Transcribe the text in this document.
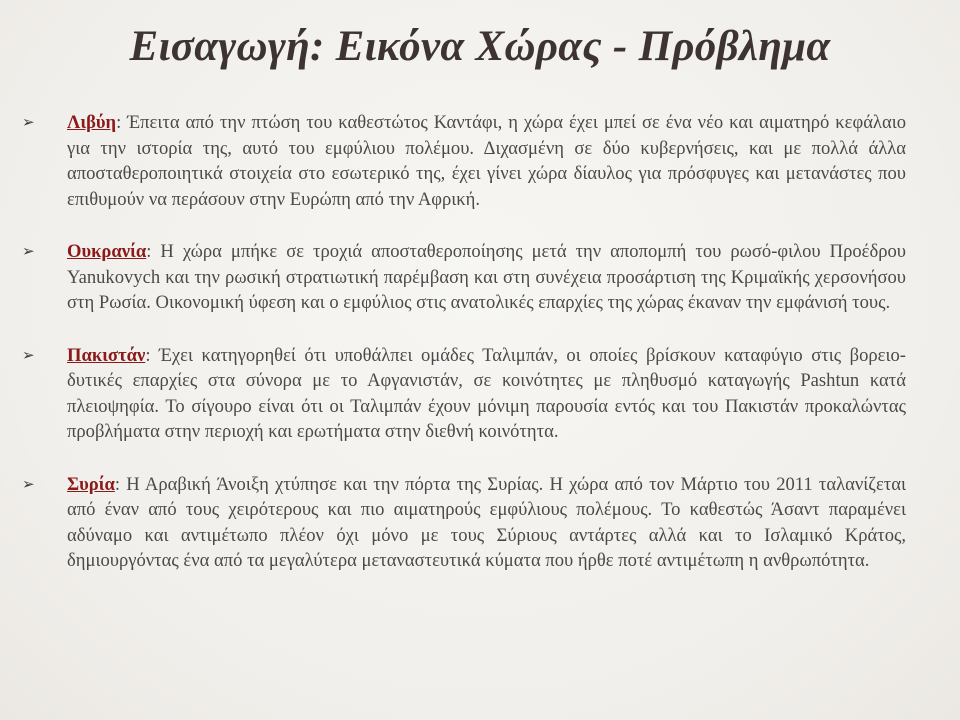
Εισαγωγή: Εικόνα Χώρας - Πρόβλημα
➢ Λιβύη: Έπειτα από την πτώση του καθεστώτος Καντάφι, η χώρα έχει μπεί σε ένα νέο και αιματηρό κεφάλαιο για την ιστορία της, αυτό του εμφύλιου πολέμου. Διχασμένη σε δύο κυβερνήσεις, και με πολλά άλλα αποσταθεροποιητικά στοιχεία στο εσωτερικό της, έχει γίνει χώρα δίαυλος για πρόσφυγες και μετανάστες που επιθυμούν να περάσουν στην Ευρώπη από την Αφρική.

➢ Ουκρανία: Η χώρα μπήκε σε τροχιά αποσταθεροποίησης μετά την αποπομπή του ρωσό-φιλου Προέδρου Yanukovych και την ρωσική στρατιωτική παρέμβαση και στη συνέχεια προσάρτιση της Κριμαϊκής χερσονήσου στη Ρωσία. Οικονομική ύφεση και ο εμφύλιος στις ανατολικές επαρχίες της χώρας έκαναν την εμφάνισή τους.

➢ Πακιστάν: Έχει κατηγορηθεί ότι υποθάλπει ομάδες Ταλιμπάν, οι οποίες βρίσκουν καταφύγιο στις βορειο-δυτικές επαρχίες στα σύνορα με το Αφγανιστάν, σε κοινότητες με πληθυσμό καταγωγής Pashtun κατά πλειοψηφία. Το σίγουρο είναι ότι οι Ταλιμπάν έχουν μόνιμη παρουσία εντός και του Πακιστάν προκαλώντας προβλήματα στην περιοχή και ερωτήματα στην διεθνή κοινότητα.

➢ Συρία: Η Αραβική Άνοιξη χτύπησε και την πόρτα της Συρίας. Η χώρα από τον Μάρτιο του 2011 ταλανίζεται από έναν από τους χειρότερους και πιο αιματηρούς εμφύλιους πολέμους. Το καθεστώς Άσαντ παραμένει αδύναμο και αντιμέτωπο πλέον όχι μόνο με τους Σύριους αντάρτες αλλά και το Ισλαμικό Κράτος, δημιουργόντας ένα από τα μεγαλύτερα μεταναστευτικά κύματα που ήρθε ποτέ αντιμέτωπη η ανθρωπότητα.
